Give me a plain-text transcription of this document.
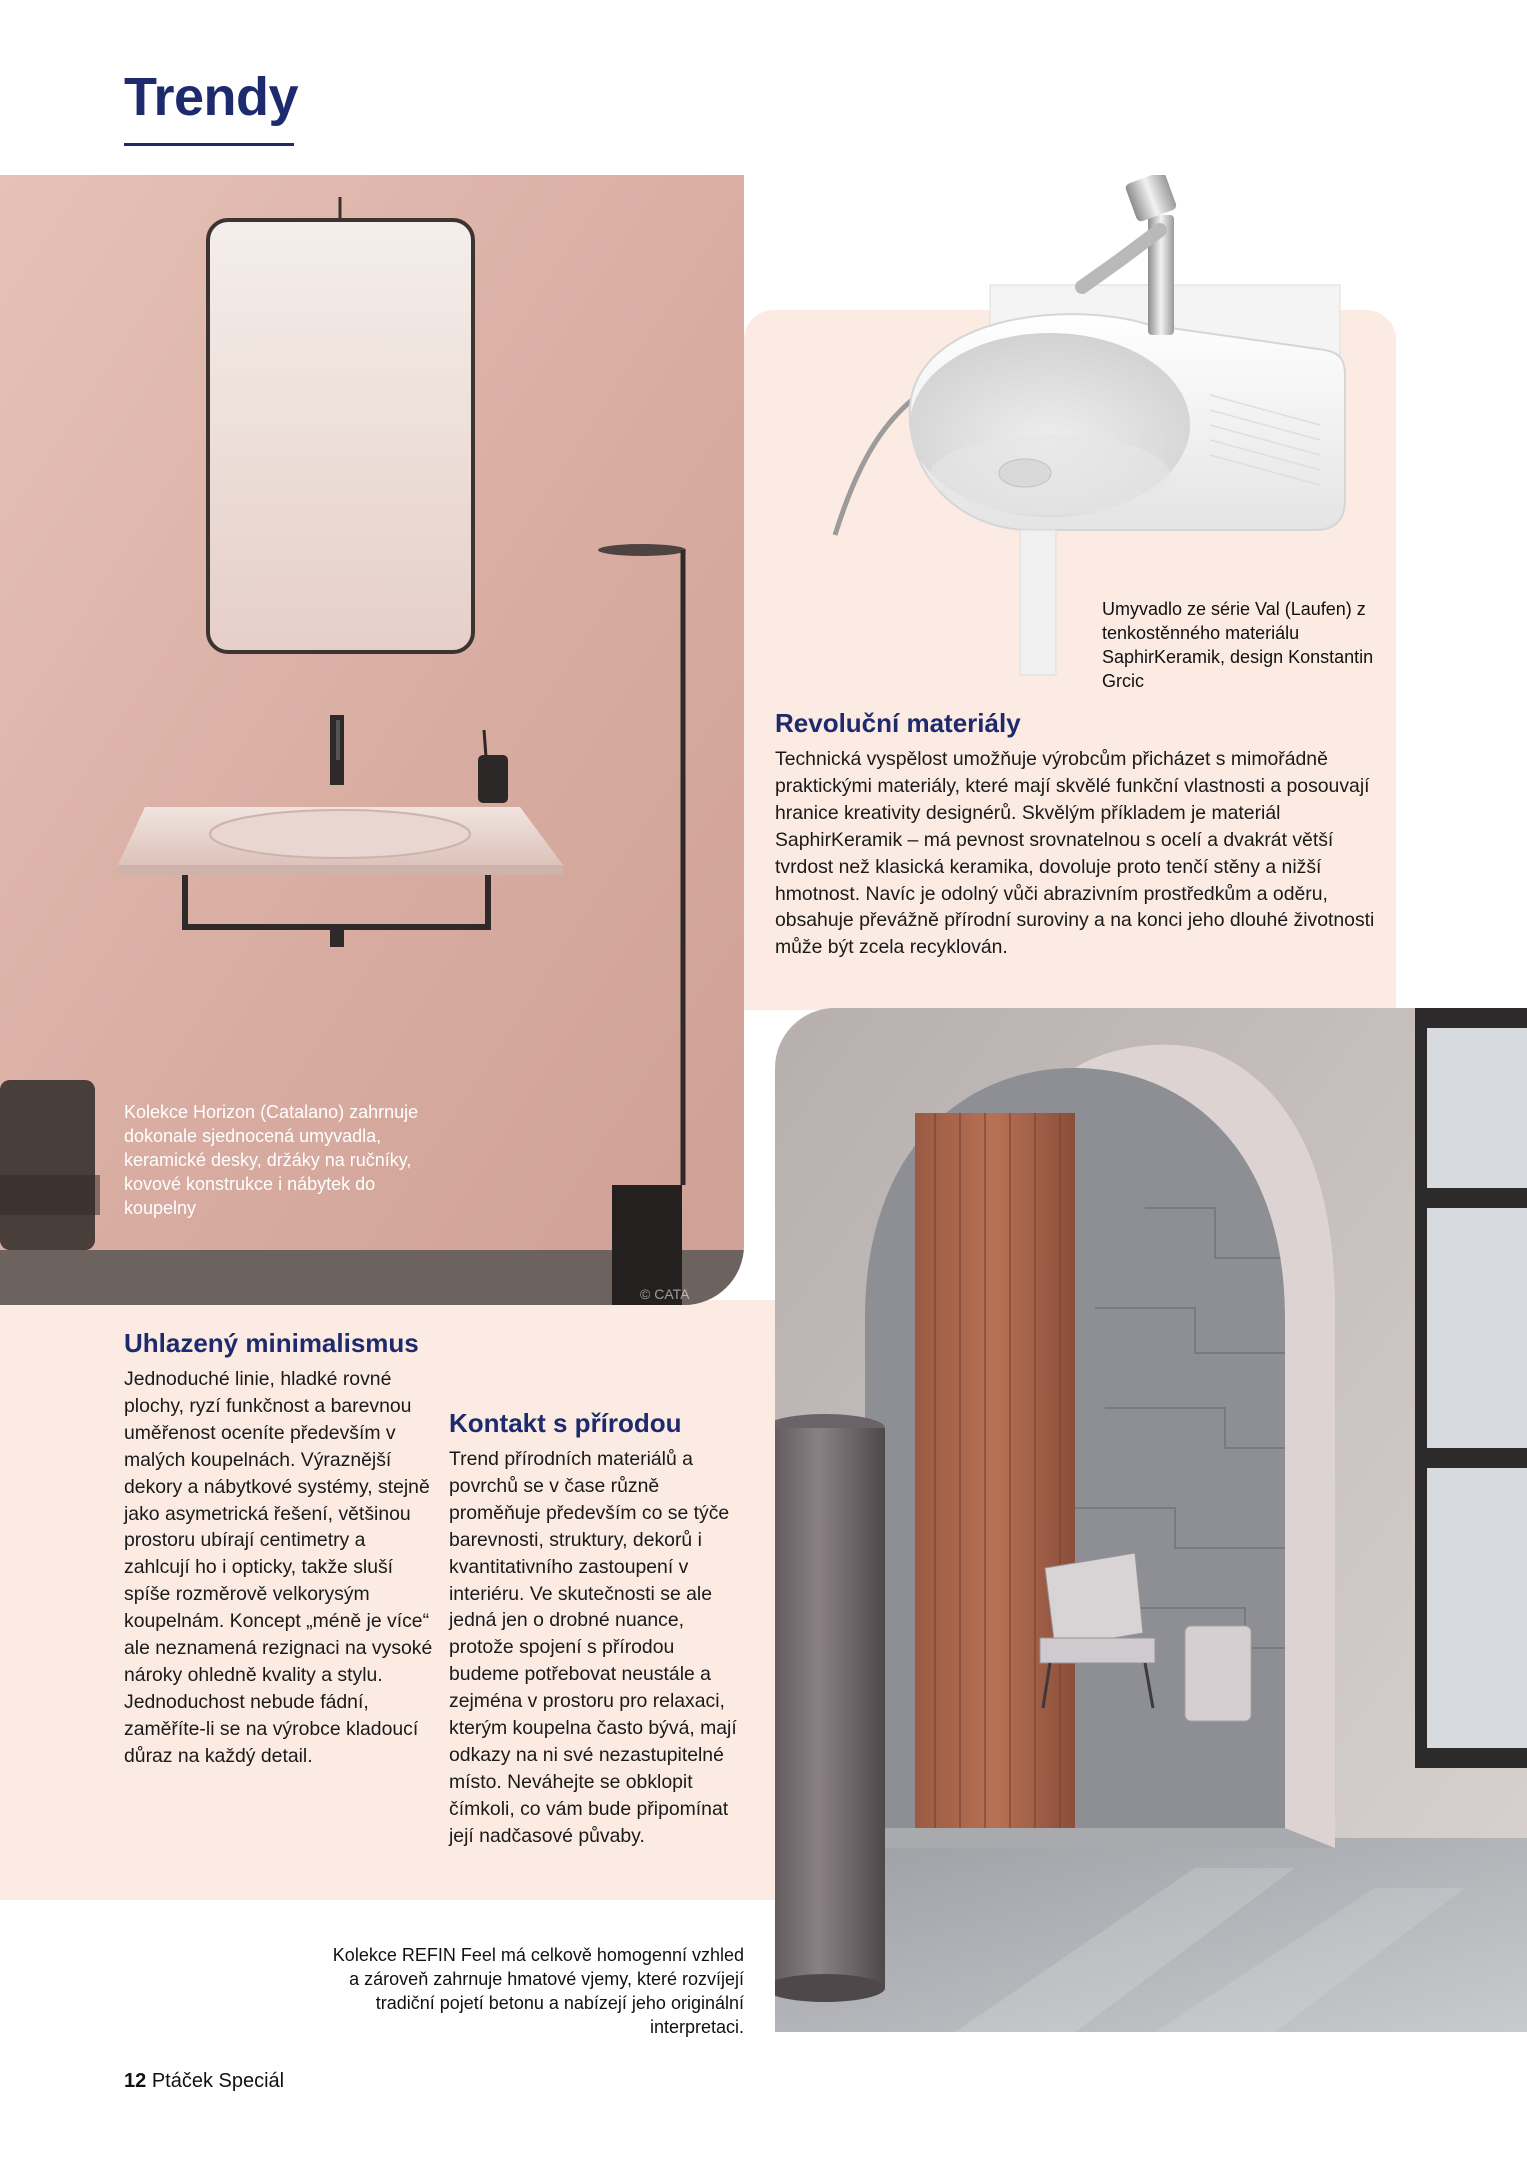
Trendy

Kolekce Horizon (Catalano) zahrnuje dokonale sjednocená umyvadla, keramické desky, držáky na ručníky, kovové konstrukce i nábytek do koupelny

© CATA

Umyvadlo ze série Val (Laufen) z tenkostěnného materiálu SaphirKeramik, design Konstantin Grcic

Revoluční materiály

Technická vyspělost umožňuje výrobcům přicházet s mimořádně praktickými materiály, které mají skvělé funkční vlastnosti a posouvají hranice kreativity designérů. Skvělým příkladem je materiál SaphirKeramik – má pevnost srovnatelnou s ocelí a dvakrát větší tvrdost než klasická keramika, dovoluje proto tenčí stěny a nižší hmotnost. Navíc je odolný vůči abrazivním prostředkům a oděru, obsahuje převážně přírodní suroviny a na konci jeho dlouhé životnosti může být zcela recyklován.

Uhlazený minimalismus

Jednoduché linie, hladké rovné plochy, ryzí funkčnost a barevnou uměřenost oceníte především v malých koupelnách. Výraznější dekory a nábytkové systémy, stejně jako asymetrická řešení, většinou prostoru ubírají centimetry a zahlcují ho i opticky, takže sluší spíše rozměrově velkorysým koupelnám. Koncept „méně je více“ ale neznamená rezignaci na vysoké nároky ohledně kvality a stylu. Jednoduchost nebude fádní, zaměříte-li se na výrobce kladoucí důraz na každý detail.

Kontakt s přírodou

Trend přírodních materiálů a povrchů se v čase různě proměňuje především co se týče barevnosti, struktury, dekorů i kvantitativního zastoupení v interiéru. Ve skutečnosti se ale jedná jen o drobné nuance, protože spojení s přírodou budeme potřebovat neustále a zejména v prostoru pro relaxaci, kterým koupelna často bývá, mají odkazy na ni své nezastupitelné místo. Neváhejte se obklopit čímkoli, co vám bude připomínat její nadčasové půvaby.

Kolekce REFIN Feel má celkově homogenní vzhled a zároveň zahrnuje hmatové vjemy, které rozvíjejí tradiční pojetí betonu a nabízejí jeho originální interpretaci.

12 Ptáček Speciál
